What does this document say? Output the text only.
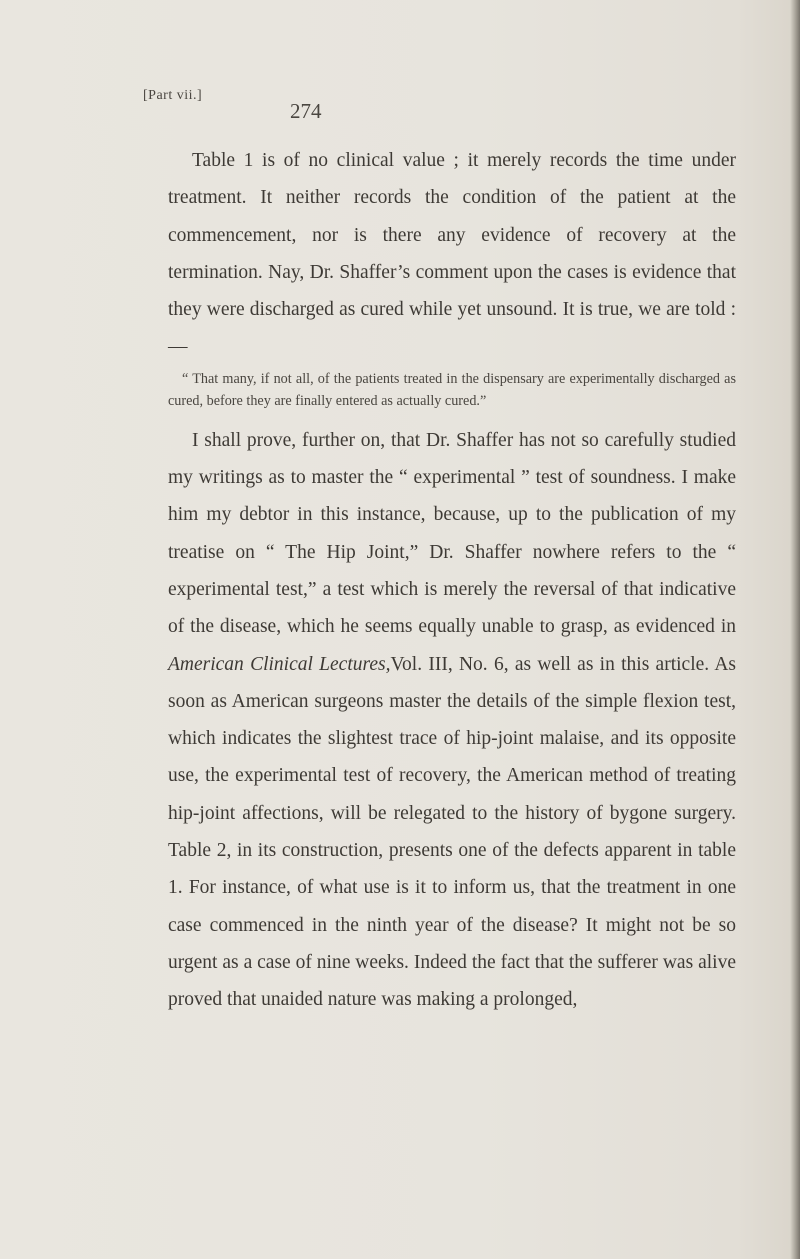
[Part vii.]
274

Table 1 is of no clinical value ; it merely records the time under treatment. It neither records the condition of the patient at the commencement, nor is there any evidence of recovery at the termination. Nay, Dr. Shaffer’s comment upon the cases is evidence that they were discharged as cured while yet unsound. It is true, we are told :—

“ That many, if not all, of the patients treated in the dispensary are experimentally discharged as cured, before they are finally entered as actually cured.”

I shall prove, further on, that Dr. Shaffer has not so carefully studied my writings as to master the “ experimental ” test of soundness. I make him my debtor in this instance, because, up to the publication of my treatise on “ The Hip Joint,” Dr. Shaffer nowhere refers to the “ experimental test,” a test which is merely the reversal of that indicative of the disease, which he seems equally unable to grasp, as evidenced in American Clinical Lectures,Vol. III, No. 6, as well as in this article. As soon as American surgeons master the details of the simple flexion test, which indicates the slightest trace of hip-joint malaise, and its opposite use, the experimental test of recovery, the American method of treating hip-joint affections, will be relegated to the history of bygone surgery. Table 2, in its construction, presents one of the defects apparent in table 1. For instance, of what use is it to inform us, that the treatment in one case commenced in the ninth year of the disease? It might not be so urgent as a case of nine weeks. Indeed the fact that the sufferer was alive proved that unaided nature was making a prolonged,
